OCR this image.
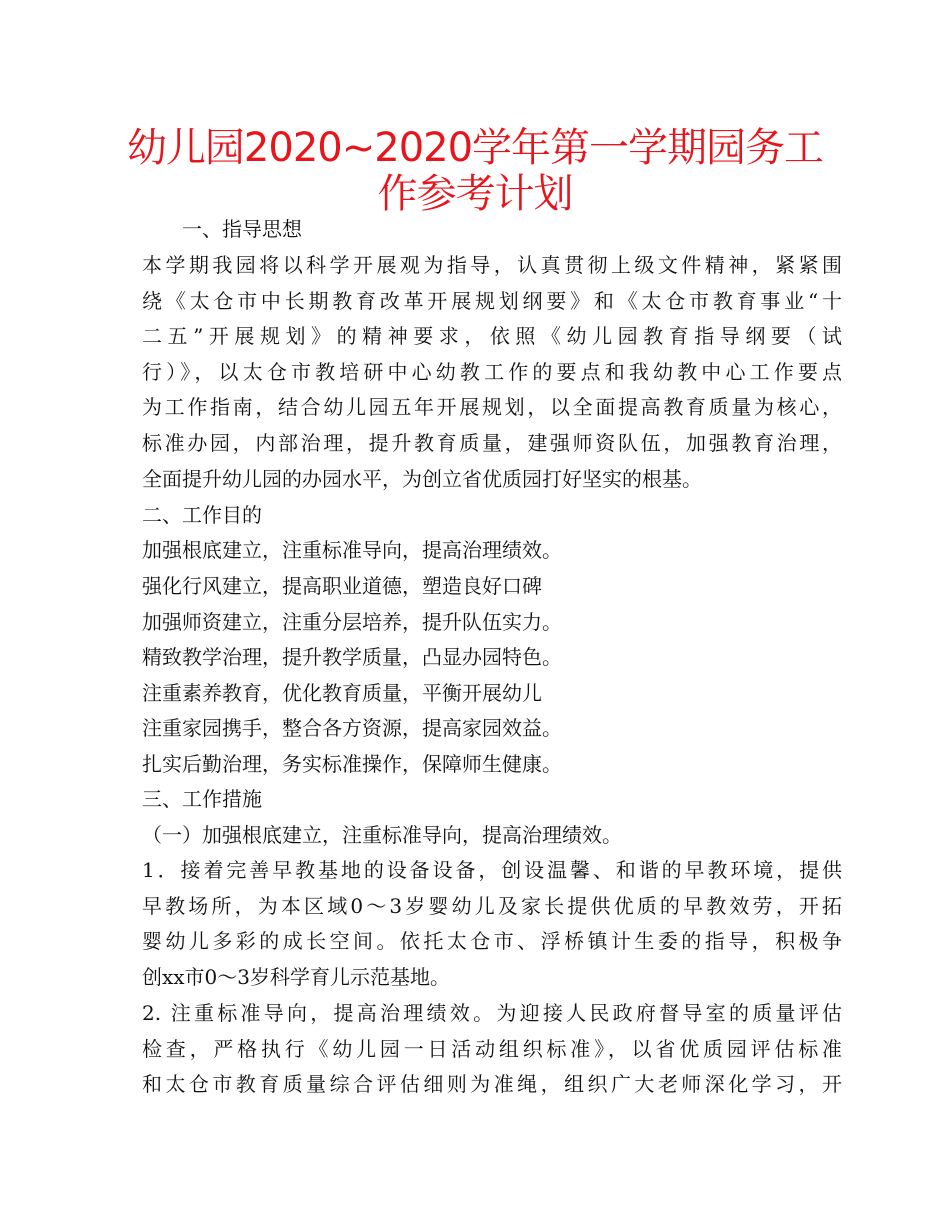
幼儿园2020~2020学年第一学期园务工
作参考计划
一、指导思想
本学期我园将以科学开展观为指导，认真贯彻上级文件精神，紧紧围
绕《太仓市中长期教育改革开展规划纲要》和《太仓市教育事业“十
二五”开展规划》的精神要求，依照《幼儿园教育指导纲要（试
行）》，以太仓市教培研中心幼教工作的要点和我幼教中心工作要点
为工作指南，结合幼儿园五年开展规划，以全面提高教育质量为核心，
标准办园，内部治理，提升教育质量，建强师资队伍，加强教育治理，
全面提升幼儿园的办园水平，为创立省优质园打好坚实的根基。
二、工作目的
加强根底建立，注重标准导向，提高治理绩效。
强化行风建立，提高职业道德，塑造良好口碑
加强师资建立，注重分层培养，提升队伍实力。
精致教学治理，提升教学质量，凸显办园特色。
注重素养教育，优化教育质量，平衡开展幼儿
注重家园携手，整合各方资源，提高家园效益。
扎实后勤治理，务实标准操作，保障师生健康。
三、工作措施
（一）加强根底建立，注重标准导向，提高治理绩效。
1．接着完善早教基地的设备设备，创设温馨、和谐的早教环境，提供
早教场所，为本区域0～3岁婴幼儿及家长提供优质的早教效劳，开拓
婴幼儿多彩的成长空间。依托太仓市、浮桥镇计生委的指导，积极争
创xx市0～3岁科学育儿示范基地。
2. 注重标准导向，提高治理绩效。为迎接人民政府督导室的质量评估
检查，严格执行《幼儿园一日活动组织标准》，以省优质园评估标准
和太仓市教育质量综合评估细则为准绳，组织广大老师深化学习，开
